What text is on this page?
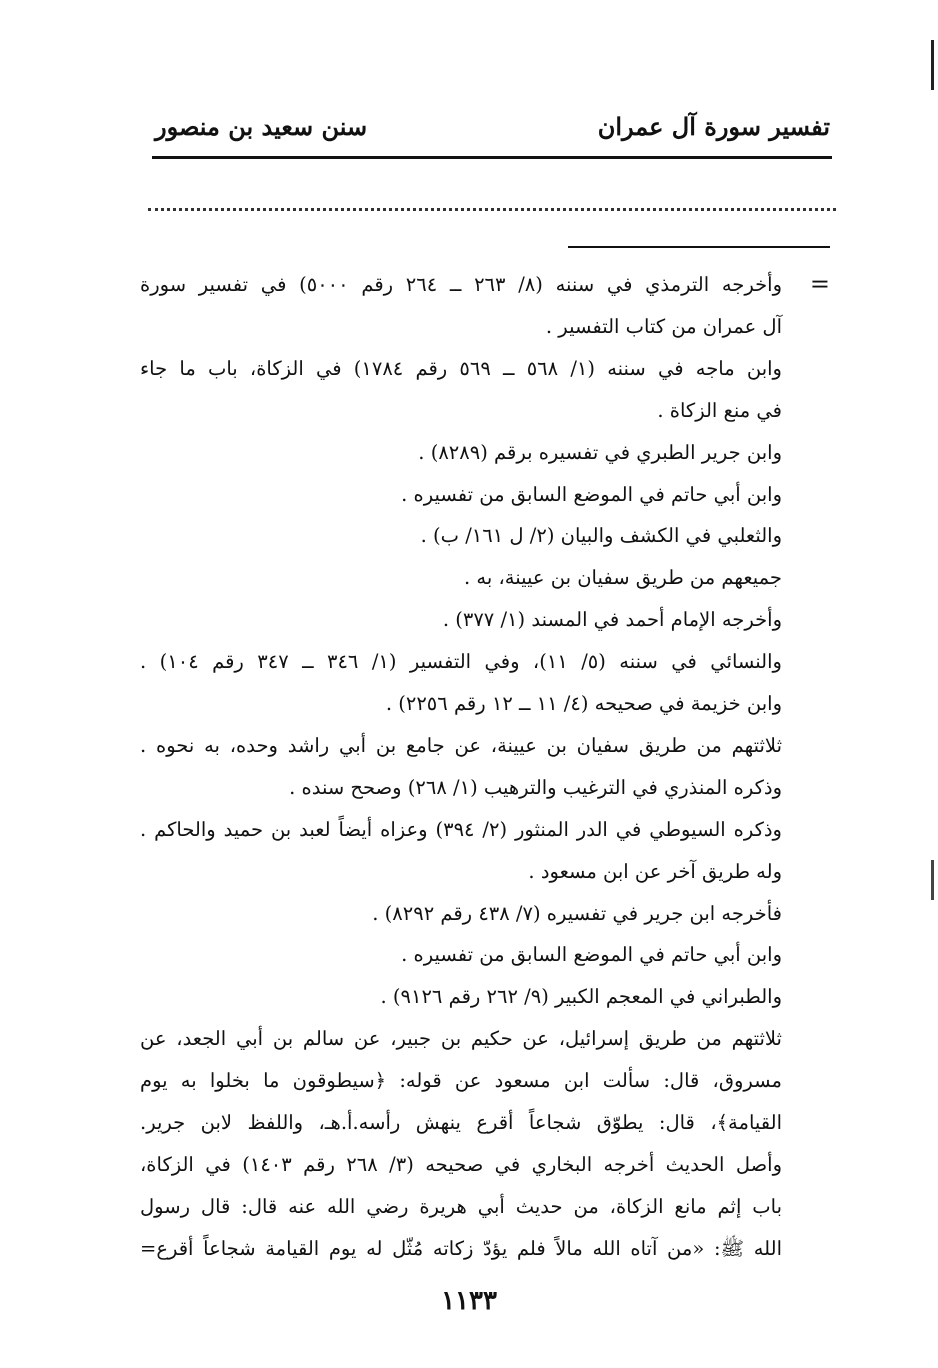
تفسير سورة آل عمران
سنن سعيد بن منصور
=
وأخرجه الترمذي في سننه (٨/ ٢٦٣ ــ ٢٦٤ رقم ٥٠٠٠) في تفسير سورة
آل عمران من كتاب التفسير .
وابن ماجه في سننه (١/ ٥٦٨ ــ ٥٦٩ رقم ١٧٨٤) في الزكاة، باب ما جاء
في منع الزكاة .
وابن جرير الطبري في تفسيره برقم (٨٢٨٩) .
وابن أبي حاتم في الموضع السابق من تفسيره .
والثعلبي في الكشف والبيان (٢/ ل ١٦١/ ب) .
جميعهم من طريق سفيان بن عيينة، به .
وأخرجه الإمام أحمد في المسند (١/ ٣٧٧) .
والنسائي في سننه (٥/ ١١)، وفي التفسير (١/ ٣٤٦ ــ ٣٤٧ رقم ١٠٤) .
وابن خزيمة في صحيحه (٤/ ١١ ــ ١٢ رقم ٢٢٥٦) .
ثلاثتهم من طريق سفيان بن عيينة، عن جامع بن أبي راشد وحده، به نحوه .
وذكره المنذري في الترغيب والترهيب (١/ ٢٦٨) وصحح سنده .
وذكره السيوطي في الدر المنثور (٢/ ٣٩٤) وعزاه أيضاً لعبد بن حميد والحاكم .
وله طريق آخر عن ابن مسعود .
فأخرجه ابن جرير في تفسيره (٧/ ٤٣٨ رقم ٨٢٩٢) .
وابن أبي حاتم في الموضع السابق من تفسيره .
والطبراني في المعجم الكبير (٩/ ٢٦٢ رقم ٩١٢٦) .
ثلاثتهم من طريق إسرائيل، عن حكيم بن جبير، عن سالم بن أبي الجعد، عن
مسروق، قال: سألت ابن مسعود عن قوله: ﴿سيطوقون ما بخلوا به يوم
القيامة﴾، قال: يطوّق شجاعاً أقرع ينهش رأسه.أ.هـ، واللفظ لابن جرير.
وأصل الحديث أخرجه البخاري في صحيحه (٣/ ٢٦٨ رقم ١٤٠٣) في الزكاة،
باب إثم مانع الزكاة، من حديث أبي هريرة رضي الله عنه قال: قال رسول
الله ﷺ: «من آتاه الله مالاً فلم يؤدّ زكاته مُثّل له يوم القيامة شجاعاً أقرع=
١١٣٣
